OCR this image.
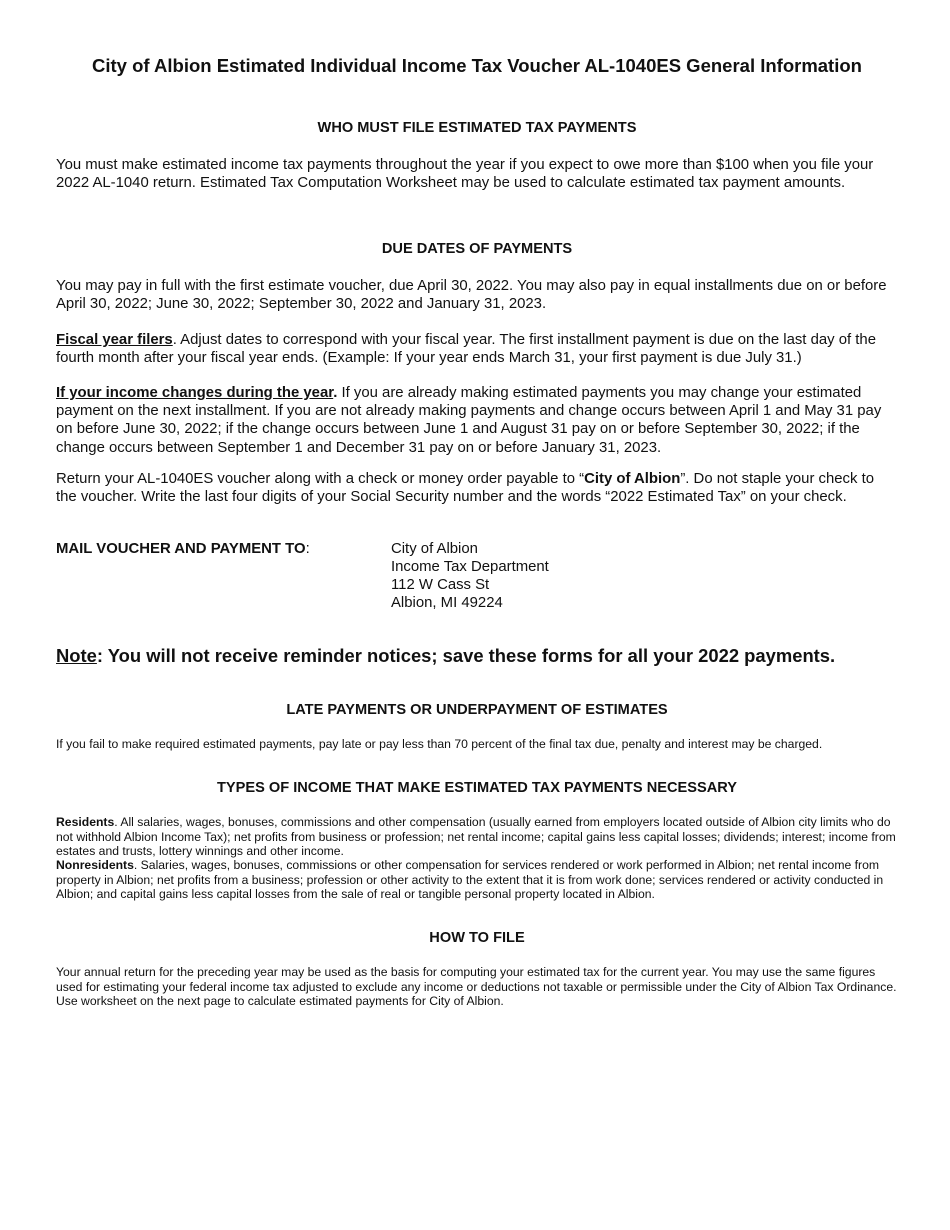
City of Albion Estimated Individual Income Tax Voucher AL-1040ES General Information
WHO MUST FILE ESTIMATED TAX PAYMENTS

You must make estimated income tax payments throughout the year if you expect to owe more than $100 when you file your 2022 AL-1040 return. Estimated Tax Computation Worksheet may be used to calculate estimated tax payment amounts.

DUE DATES OF PAYMENTS

You may pay in full with the first estimate voucher, due April 30, 2022. You may also pay in equal installments due on or before April 30, 2022; June 30, 2022; September 30, 2022 and January 31, 2023.

Fiscal year filers. Adjust dates to correspond with your fiscal year. The first installment payment is due on the last day of the fourth month after your fiscal year ends. (Example: If your year ends March 31, your first payment is due July 31.)

If your income changes during the year. If you are already making estimated payments you may change your estimated payment on the next installment. If you are not already making payments and change occurs between April 1 and May 31 pay on before June 30, 2022; if the change occurs between June 1 and August 31 pay on or before September 30, 2022; if the change occurs between September 1 and December 31 pay on or before January 31, 2023.

Return your AL-1040ES voucher along with a check or money order payable to “City of Albion”. Do not staple your check to the voucher. Write the last four digits of your Social Security number and the words “2022 Estimated Tax” on your check.

MAIL VOUCHER AND PAYMENT TO:	City of Albion
Income Tax Department
112 W Cass St
Albion, MI 49224

Note: You will not receive reminder notices; save these forms for all your 2022 payments.

LATE PAYMENTS OR UNDERPAYMENT OF ESTIMATES

If you fail to make required estimated payments, pay late or pay less than 70 percent of the final tax due, penalty and interest may be charged.

TYPES OF INCOME THAT MAKE ESTIMATED TAX PAYMENTS NECESSARY

Residents. All salaries, wages, bonuses, commissions and other compensation (usually earned from employers located outside of Albion city limits who do not withhold Albion Income Tax); net profits from business or profession; net rental income; capital gains less capital losses; dividends; interest; income from estates and trusts, lottery winnings and other income.

Nonresidents. Salaries, wages, bonuses, commissions or other compensation for services rendered or work performed in Albion; net rental income from property in Albion; net profits from a business; profession or other activity to the extent that it is from work done; services rendered or activity conducted in Albion; and capital gains less capital losses from the sale of real or tangible personal property located in Albion.

HOW TO FILE

Your annual return for the preceding year may be used as the basis for computing your estimated tax for the current year. You may use the same figures used for estimating your federal income tax adjusted to exclude any income or deductions not taxable or permissible under the City of Albion Tax Ordinance. Use worksheet on the next page to calculate estimated payments for City of Albion.
